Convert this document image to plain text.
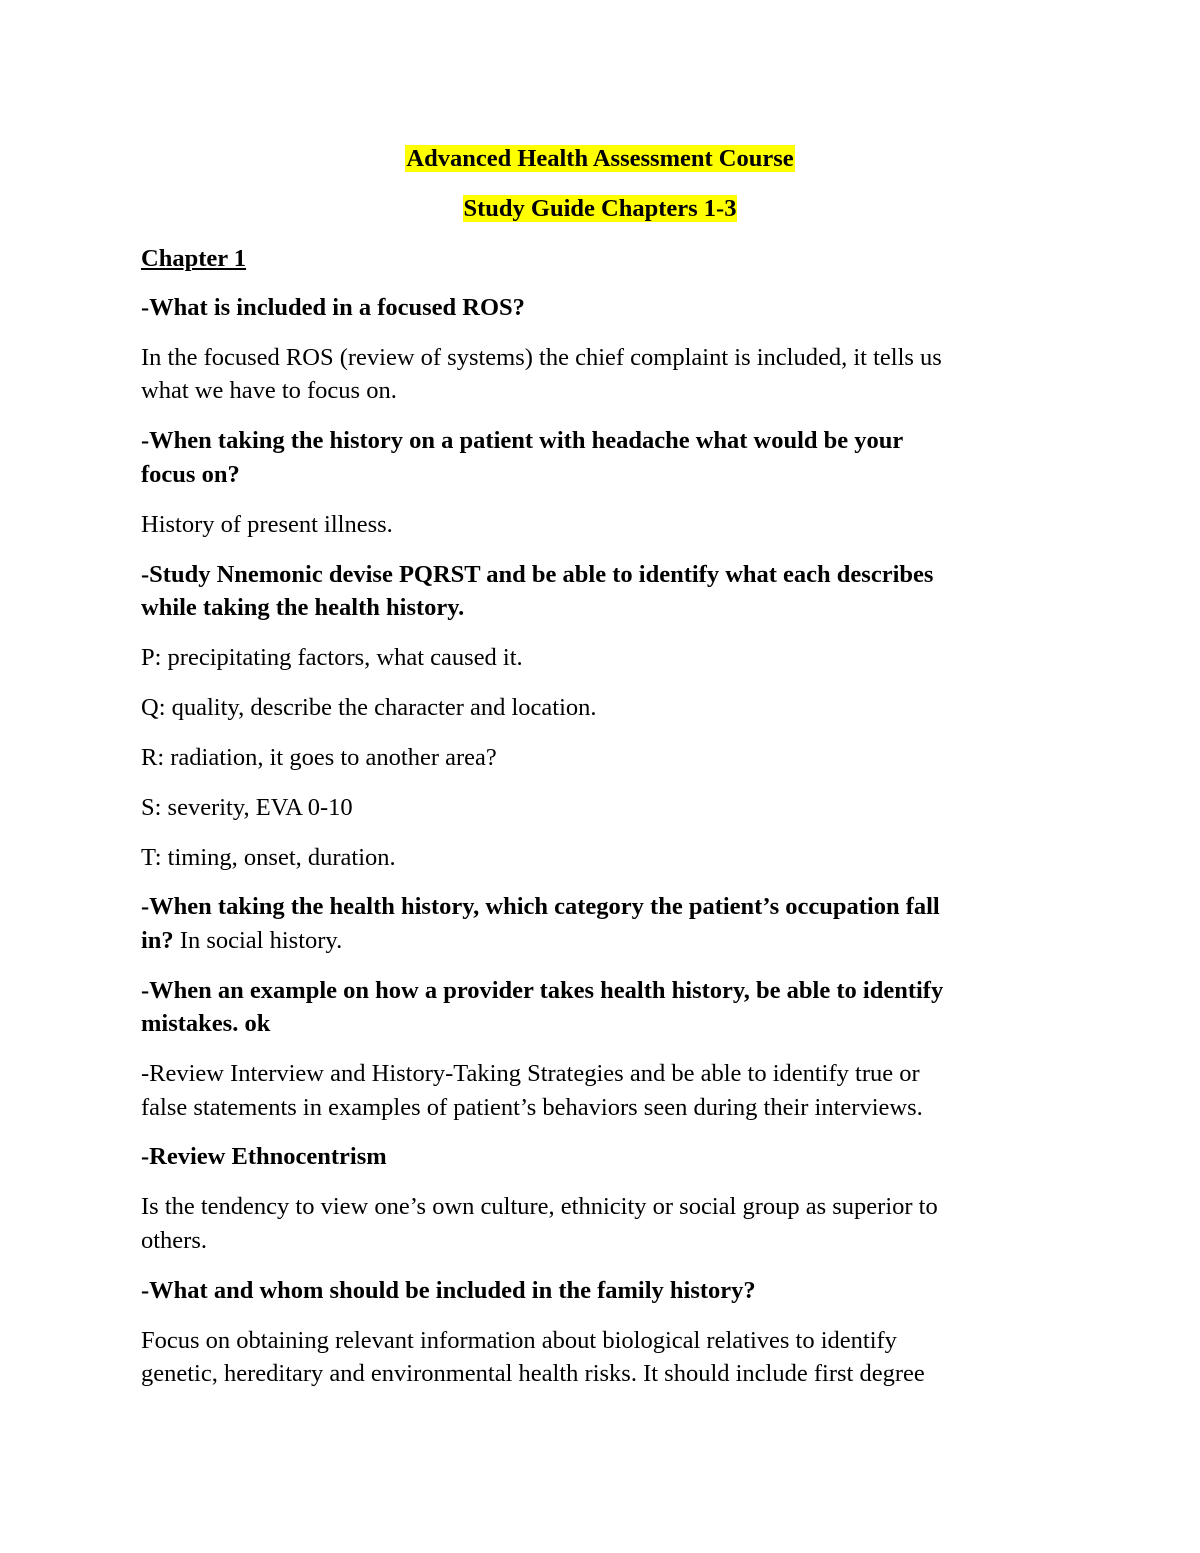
Advanced Health Assessment Course
Study Guide Chapters 1-3
Chapter 1
-What is included in a focused ROS?
In the focused ROS (review of systems) the chief complaint is included, it tells us
what we have to focus on.
-When taking the history on a patient with headache what would be your
focus on?
History of present illness.
-Study Nnemonic devise PQRST and be able to identify what each describes
while taking the health history.
P: precipitating factors, what caused it.
Q: quality, describe the character and location.
R: radiation, it goes to another area?
S: severity, EVA 0-10
T: timing, onset, duration.
-When taking the health history, which category the patient’s occupation fall
in? In social history.
-When an example on how a provider takes health history, be able to identify
mistakes. ok
-Review Interview and History-Taking Strategies and be able to identify true or
false statements in examples of patient’s behaviors seen during their interviews.
-Review Ethnocentrism
Is the tendency to view one’s own culture, ethnicity or social group as superior to
others.
-What and whom should be included in the family history?
Focus on obtaining relevant information about biological relatives to identify
genetic, hereditary and environmental health risks. It should include first degree
